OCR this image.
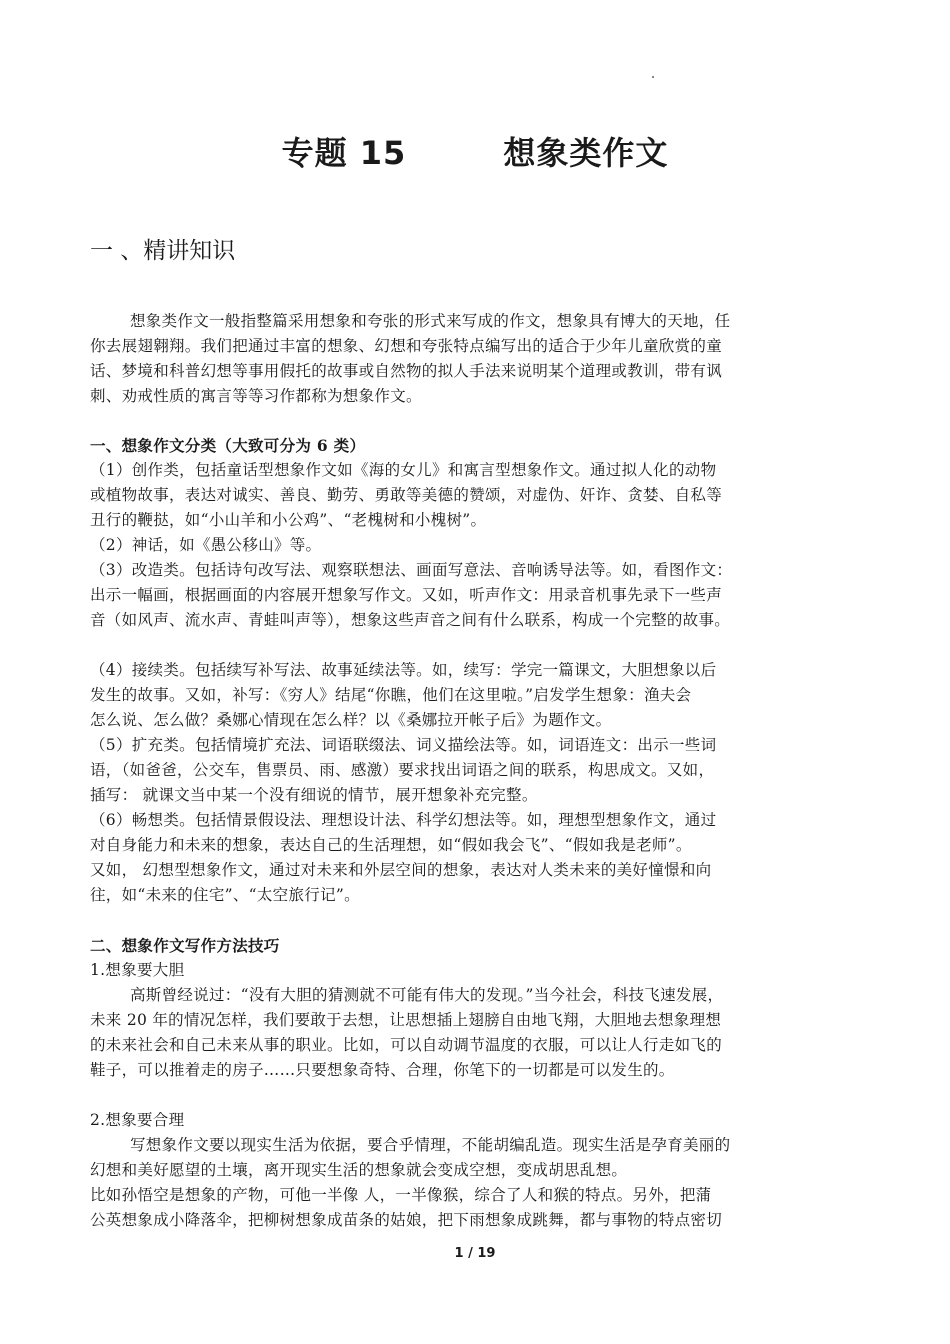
专题 15        想象类作文
一 、精讲知识
想象类作文一般指整篇采用想象和夸张的形式来写成的作文，想象具有博大的天地，任
你去展翅翱翔。我们把通过丰富的想象、幻想和夸张特点编写出的适合于少年儿童欣赏的童
话、梦境和科普幻想等事用假托的故事或自然物的拟人手法来说明某个道理或教训，带有讽
刺、劝戒性质的寓言等等习作都称为想象作文。
一、想象作文分类（大致可分为 6 类）
（1）创作类，包括童话型想象作文如《海的女儿》和寓言型想象作文。通过拟人化的动物
或植物故事，表达对诚实、善良、勤劳、勇敢等美德的赞颂，对虚伪、奸诈、贪婪、自私等
丑行的鞭挞，如“小山羊和小公鸡”、“老槐树和小槐树”。
（2）神话，如《愚公移山》等。
（3）改造类。包括诗句改写法、观察联想法、画面写意法、音响诱导法等。如，看图作文：
出示一幅画，根据画面的内容展开想象写作文。又如，听声作文：用录音机事先录下一些声
音（如风声、流水声、青蛙叫声等），想象这些声音之间有什么联系，构成一个完整的故事。
（4）接续类。包括续写补写法、故事延续法等。如，续写：学完一篇课文，大胆想象以后
发生的故事。又如，补写：《穷人》结尾“你瞧，他们在这里啦。”启发学生想象：渔夫会
怎么说、怎么做？桑娜心情现在怎么样？以《桑娜拉开帐子后》为题作文。
（5）扩充类。包括情境扩充法、词语联缀法、词义描绘法等。如，词语连文：出示一些词
语，（如爸爸，公交车，售票员、雨、感激）要求找出词语之间的联系，构思成文。又如，
插写： 就课文当中某一个没有细说的情节，展开想象补充完整。
（6）畅想类。包括情景假设法、理想设计法、科学幻想法等。如，理想型想象作文，通过
对自身能力和未来的想象，表达自己的生活理想，如“假如我会飞”、“假如我是老师”。
又如， 幻想型想象作文，通过对未来和外层空间的想象，表达对人类未来的美好憧憬和向
往，如“未来的住宅”、“太空旅行记”。
二、想象作文写作方法技巧
1.想象要大胆
高斯曾经说过：“没有大胆的猜测就不可能有伟大的发现。”当今社会，科技飞速发展，
未来 20 年的情况怎样，我们要敢于去想，让思想插上翅膀自由地飞翔，大胆地去想象理想
的未来社会和自己未来从事的职业。比如，可以自动调节温度的衣服，可以让人行走如飞的
鞋子，可以推着走的房子……只要想象奇特、合理，你笔下的一切都是可以发生的。
2.想象要合理
写想象作文要以现实生活为依据，要合乎情理，不能胡编乱造。现实生活是孕育美丽的
幻想和美好愿望的土壤，离开现实生活的想象就会变成空想，变成胡思乱想。
比如孙悟空是想象的产物，可他一半像 人，一半像猴，综合了人和猴的特点。另外，把蒲
公英想象成小降落伞，把柳树想象成苗条的姑娘，把下雨想象成跳舞，都与事物的特点密切
1 / 19
